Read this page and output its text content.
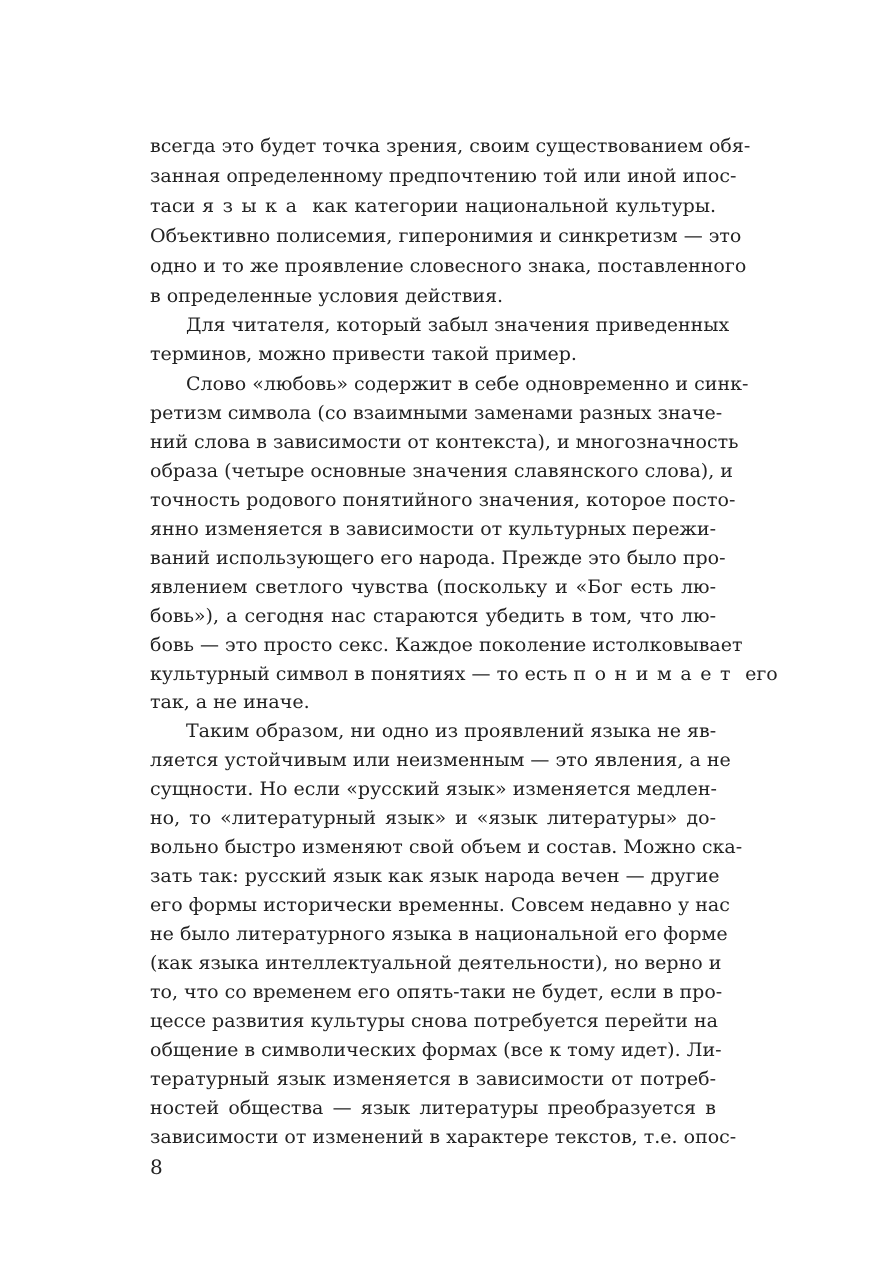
всегда это будет точка зрения, своим существованием обя-
занная определенному предпочтению той или иной ипос-
таси языка как категории национальной культуры.
Объективно полисемия, гиперонимия и синкретизм — это
одно и то же проявление словесного знака, поставленного
в определенные условия действия.
Для читателя, который забыл значения приведенных
терминов, можно привести такой пример.
Слово «любовь» содержит в себе одновременно и синк-
ретизм символа (со взаимными заменами разных значе-
ний слова в зависимости от контекста), и многозначность
образа (четыре основные значения славянского слова), и
точность родового понятийного значения, которое посто-
янно изменяется в зависимости от культурных пережи-
ваний использующего его народа. Прежде это было про-
явлением светлого чувства (поскольку и «Бог есть лю-
бовь»), а сегодня нас стараются убедить в том, что лю-
бовь — это просто секс. Каждое поколение истолковывает
культурный символ в понятиях — то есть понимает его
так, а не иначе.
Таким образом, ни одно из проявлений языка не яв-
ляется устойчивым или неизменным — это явления, а не
сущности. Но если «русский язык» изменяется медлен-
но, то «литературный язык» и «язык литературы» до-
вольно быстро изменяют свой объем и состав. Можно ска-
зать так: русский язык как язык народа вечен — другие
его формы исторически временны. Совсем недавно у нас
не было литературного языка в национальной его форме
(как языка интеллектуальной деятельности), но верно и
то, что со временем его опять-таки не будет, если в про-
цессе развития культуры снова потребуется перейти на
общение в символических формах (все к тому идет). Ли-
тературный язык изменяется в зависимости от потреб-
ностей общества — язык литературы преобразуется в
зависимости от изменений в характере текстов, т.е. опос-
8
